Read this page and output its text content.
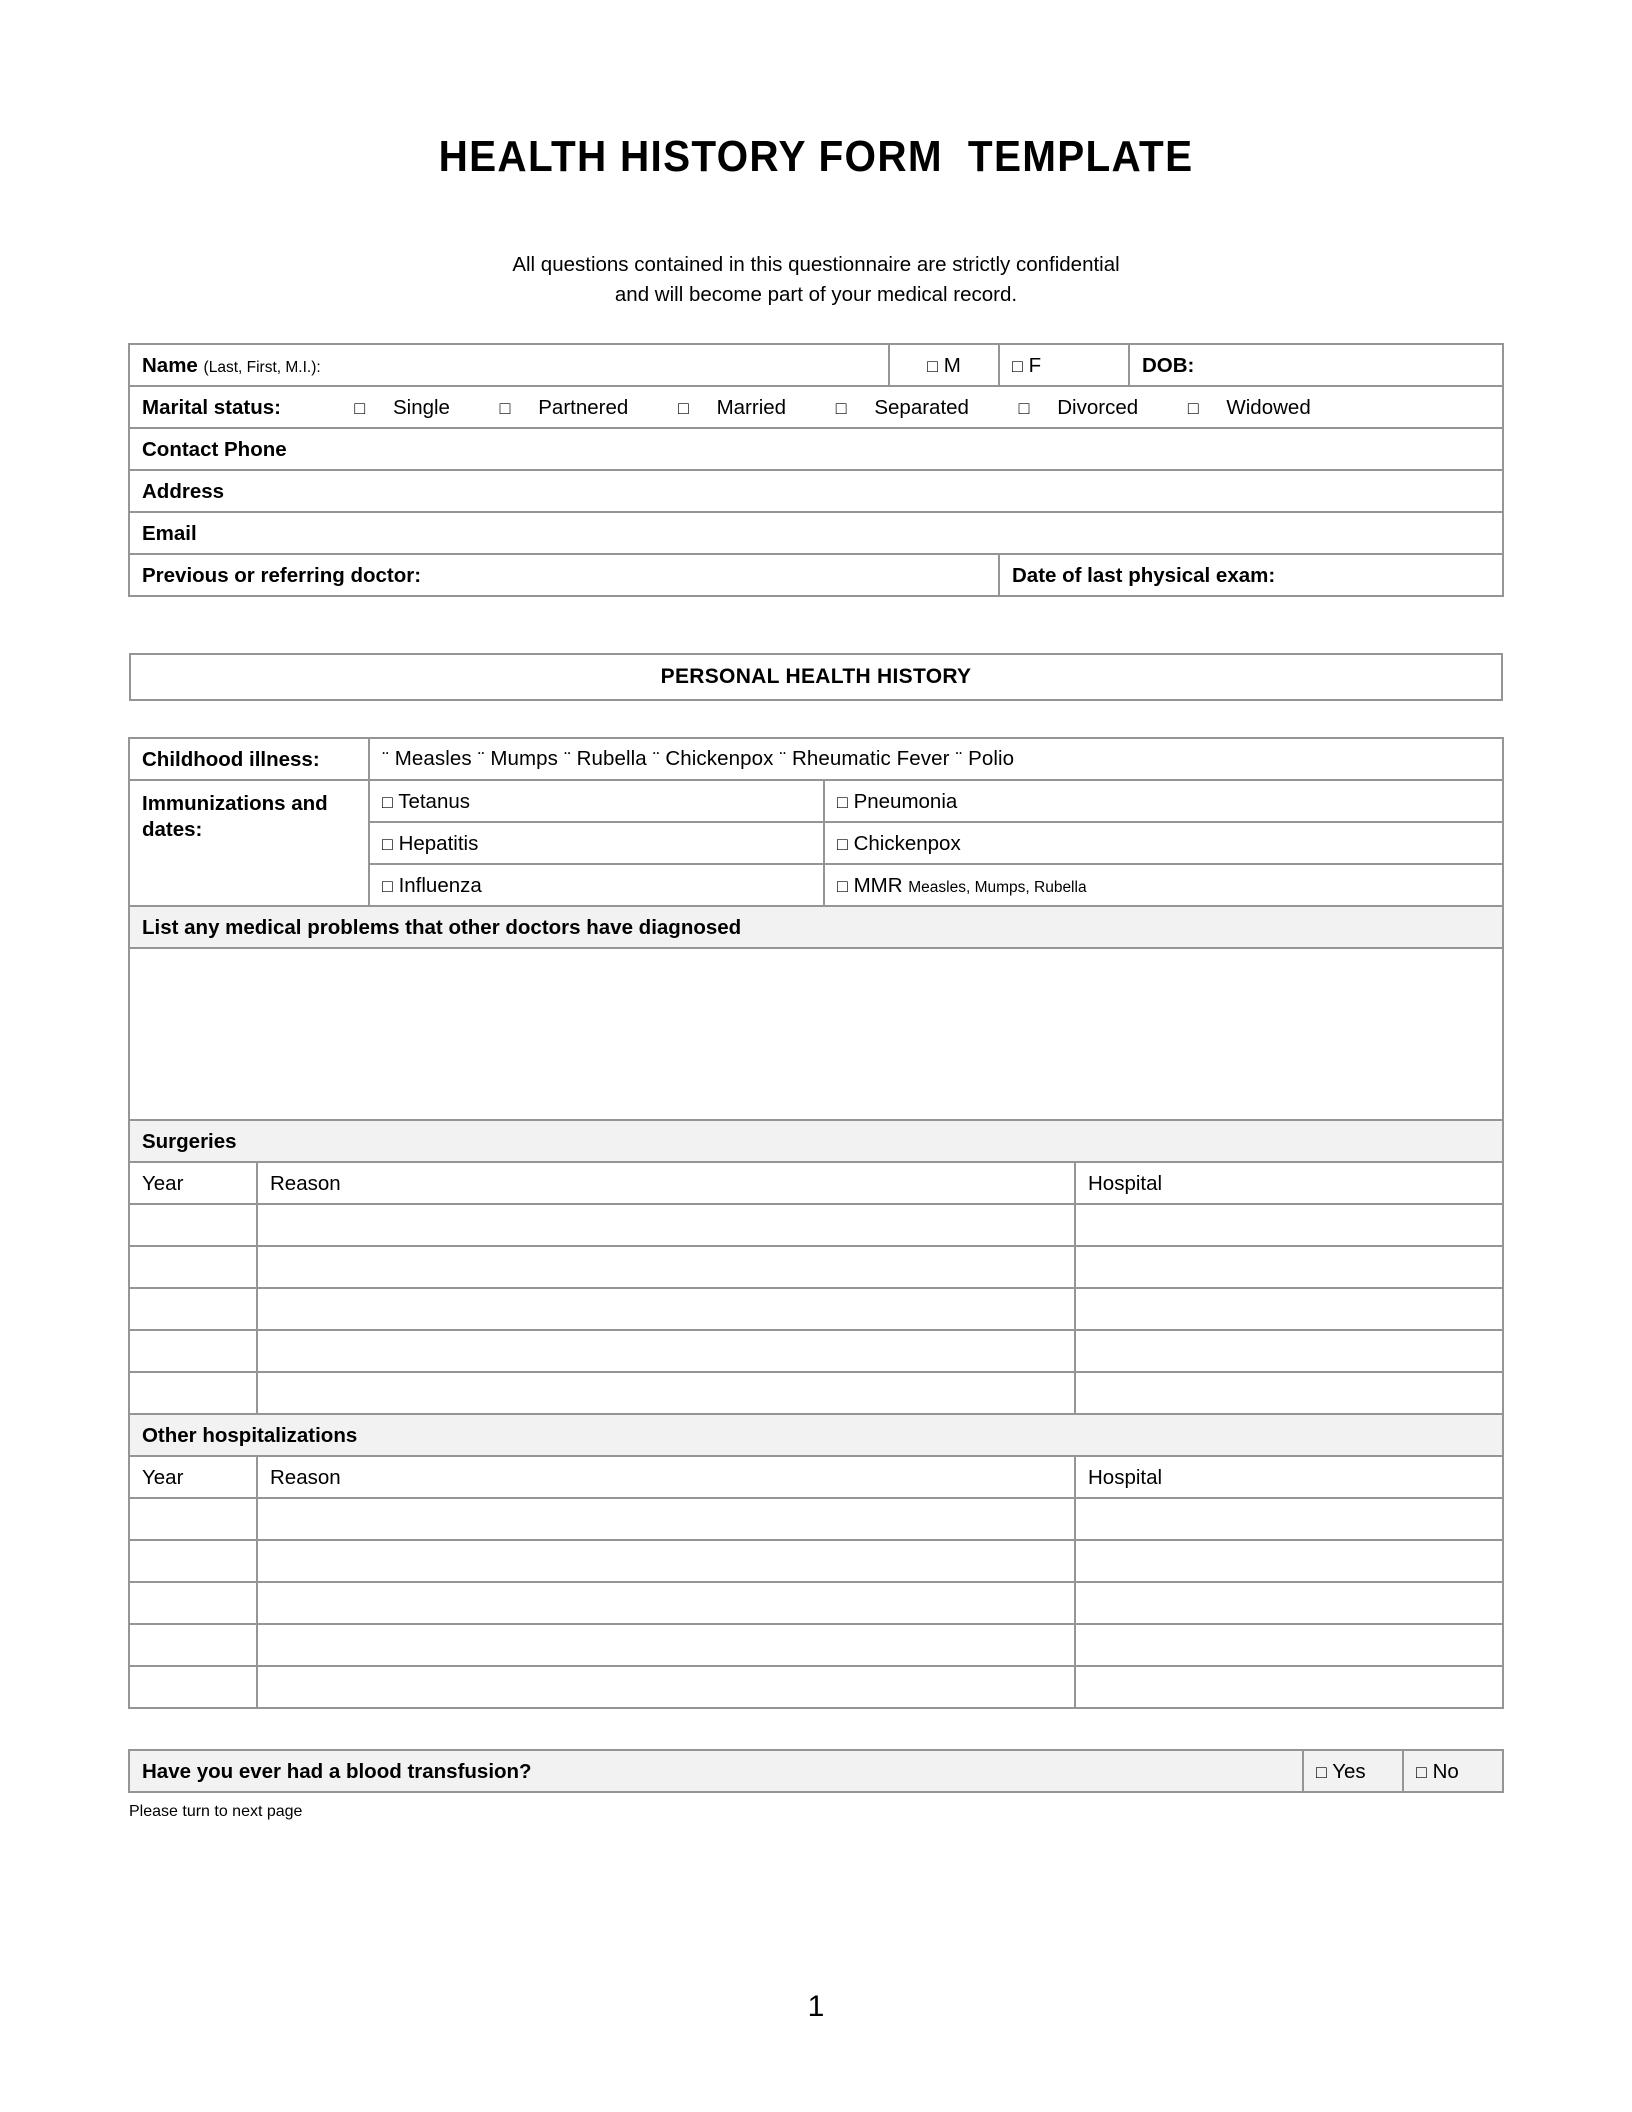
HEALTH HISTORY FORM  TEMPLATE
All questions contained in this questionnaire are strictly confidential
and will become part of your medical record.
Name (Last, First, M.I.):	□ M	□ F	DOB:
Marital status: □ Single □ Partnered □ Married □ Separated □ Divorced □ Widowed			
Contact Phone			
Address			
Email			
Previous or referring doctor:		Date of last physical exam:	
PERSONAL HEALTH HISTORY
Childhood illness:	¨ Measles ¨ Mumps ¨ Rubella ¨ Chickenpox ¨ Rheumatic Fever ¨ Polio	
Immunizations and dates:	□ Tetanus	□ Pneumonia
	□ Hepatitis	□ Chickenpox
	□ Influenza	□ MMR Measles, Mumps, Rubella
List any medical problems that other doctors have diagnosed		

Surgeries		
Year	Reason	Hospital

Other hospitalizations		
Year	Reason	Hospital

Have you ever had a blood transfusion?	□ Yes	□ No
Please turn to next page
1
